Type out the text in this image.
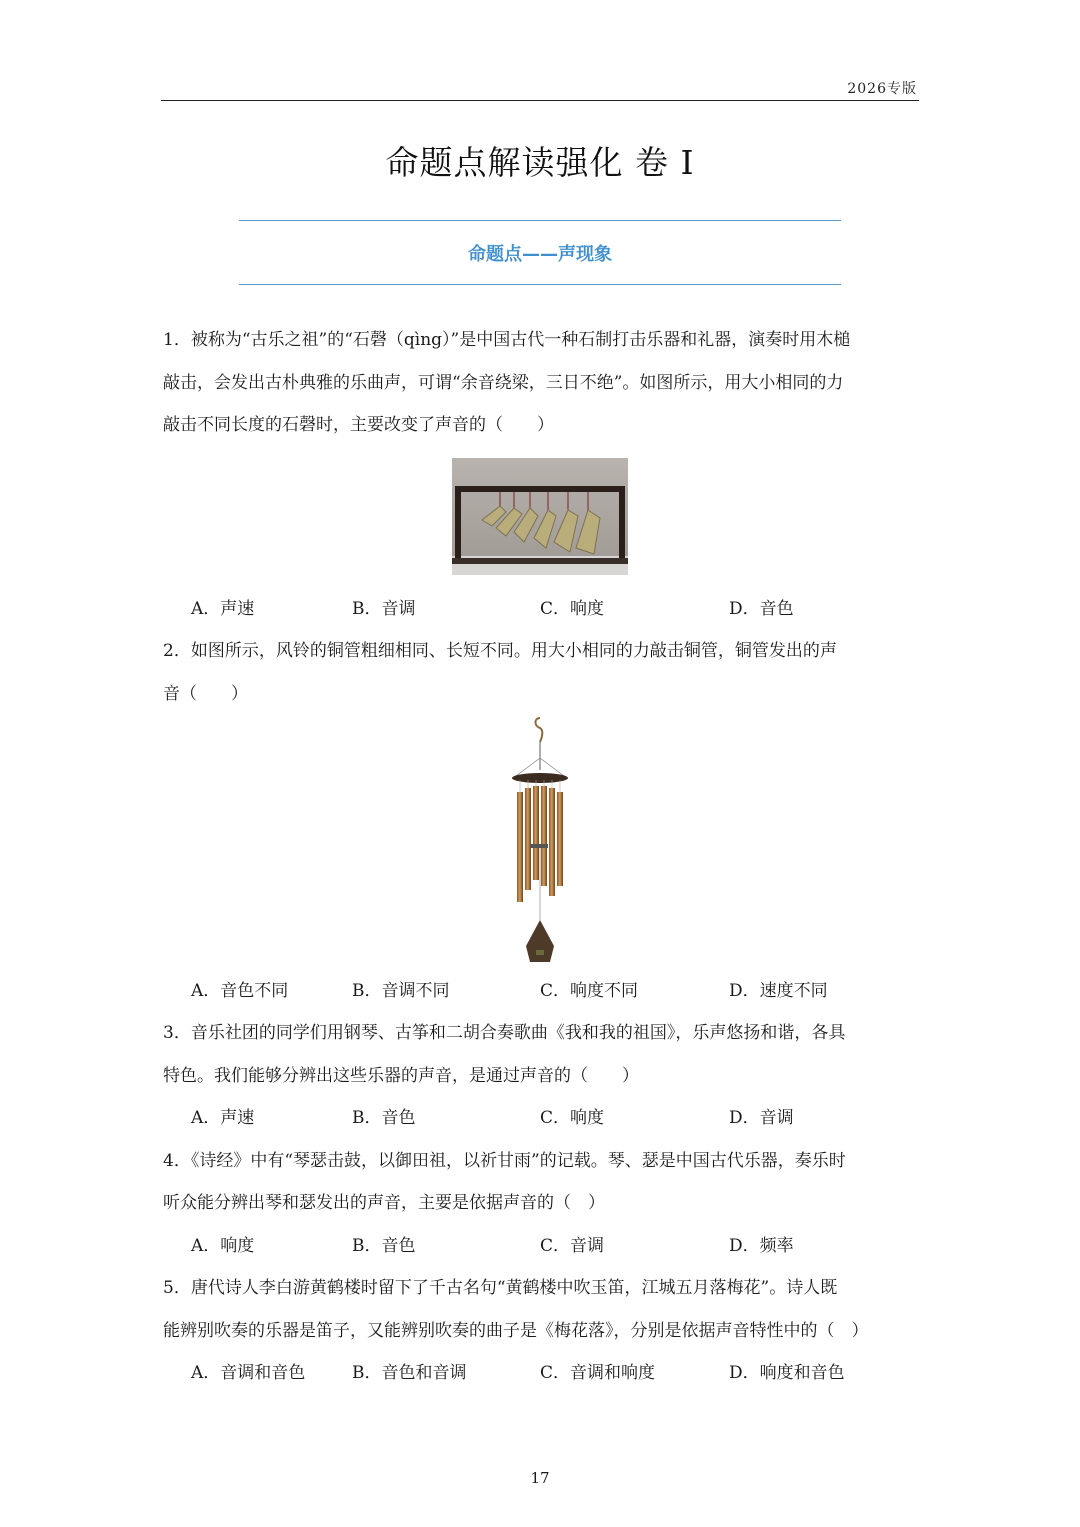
2026专版
命题点解读强化 卷 I
命题点——声现象
1．被称为“古乐之祖”的“石磬（qìng）”是中国古代一种石制打击乐器和礼器，演奏时用木槌
敲击，会发出古朴典雅的乐曲声，可谓“余音绕梁，三日不绝”。如图所示，用大小相同的力
敲击不同长度的石磬时，主要改变了声音的（　　）
A．声速	B．音调	C．响度	D．音色
2．如图所示，风铃的铜管粗细相同、长短不同。用大小相同的力敲击铜管，铜管发出的声
音（　　）
A．音色不同	B．音调不同	C．响度不同	D．速度不同
3．音乐社团的同学们用钢琴、古筝和二胡合奏歌曲《我和我的祖国》，乐声悠扬和谐，各具
特色。我们能够分辨出这些乐器的声音，是通过声音的（　　）
A．声速	B．音色	C．响度	D．音调
4．《诗经》中有“琴瑟击鼓，以御田祖，以祈甘雨”的记载。琴、瑟是中国古代乐器，奏乐时
听众能分辨出琴和瑟发出的声音，主要是依据声音的（　）
A．响度	B．音色	C．音调	D．频率
5．唐代诗人李白游黄鹤楼时留下了千古名句“黄鹤楼中吹玉笛，江城五月落梅花”。诗人既
能辨别吹奏的乐器是笛子，又能辨别吹奏的曲子是《梅花落》，分别是依据声音特性中的（　）
A．音调和音色	B．音色和音调	C．音调和响度	D．响度和音色
17
